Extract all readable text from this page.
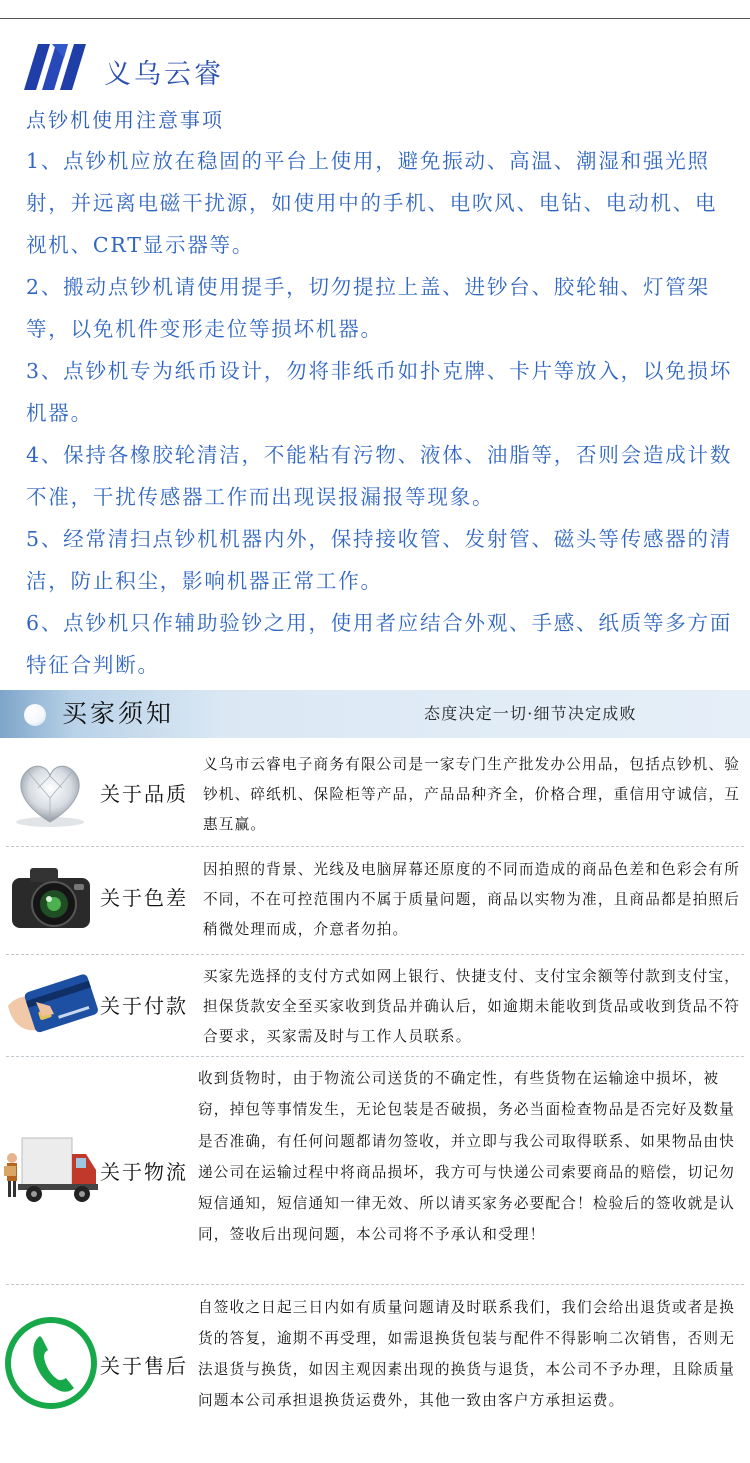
义乌云睿
点钞机使用注意事项
1、点钞机应放在稳固的平台上使用，避免振动、高温、潮湿和强光照射，并远离电磁干扰源，如使用中的手机、电吹风、电钻、电动机、电视机、CRT显示器等。
2、搬动点钞机请使用提手，切勿提拉上盖、进钞台、胶轮轴、灯管架等，以免机件变形走位等损坏机器。
3、点钞机专为纸币设计，勿将非纸币如扑克牌、卡片等放入，以免损坏机器。
4、保持各橡胶轮清洁，不能粘有污物、液体、油脂等，否则会造成计数不准，干扰传感器工作而出现误报漏报等现象。
5、经常清扫点钞机机器内外，保持接收管、发射管、磁头等传感器的清洁，防止积尘，影响机器正常工作。
6、点钞机只作辅助验钞之用，使用者应结合外观、手感、纸质等多方面特征合判断。
买家须知	态度决定一切·细节决定成败
关于品质
义乌市云睿电子商务有限公司是一家专门生产批发办公用品，包括点钞机、验钞机、碎纸机、保险柜等产品，产品品种齐全，价格合理，重信用守诚信，互惠互赢。
关于色差
因拍照的背景、光线及电脑屏幕还原度的不同而造成的商品色差和色彩会有所不同，不在可控范围内不属于质量问题，商品以实物为准，且商品都是拍照后稍微处理而成，介意者勿拍。
关于付款
买家先选择的支付方式如网上银行、快捷支付、支付宝余额等付款到支付宝，担保货款安全至买家收到货品并确认后，如逾期未能收到货品或收到货品不符合要求，买家需及时与工作人员联系。
关于物流
收到货物时，由于物流公司送货的不确定性，有些货物在运输途中损坏，被窃，掉包等事情发生，无论包装是否破损，务必当面检查物品是否完好及数量是否准确，有任何问题都请勿签收，并立即与我公司取得联系、如果物品由快递公司在运输过程中将商品损坏，我方可与快递公司索要商品的赔偿，切记勿短信通知，短信通知一律无效、所以请买家务必要配合！检验后的签收就是认同，签收后出现问题，本公司将不予承认和受理！
关于售后
自签收之日起三日内如有质量问题请及时联系我们，我们会给出退货或者是换货的答复，逾期不再受理，如需退换货包装与配件不得影响二次销售，否则无法退货与换货，如因主观因素出现的换货与退货，本公司不予办理，且除质量问题本公司承担退换货运费外，其他一致由客户方承担运费。
